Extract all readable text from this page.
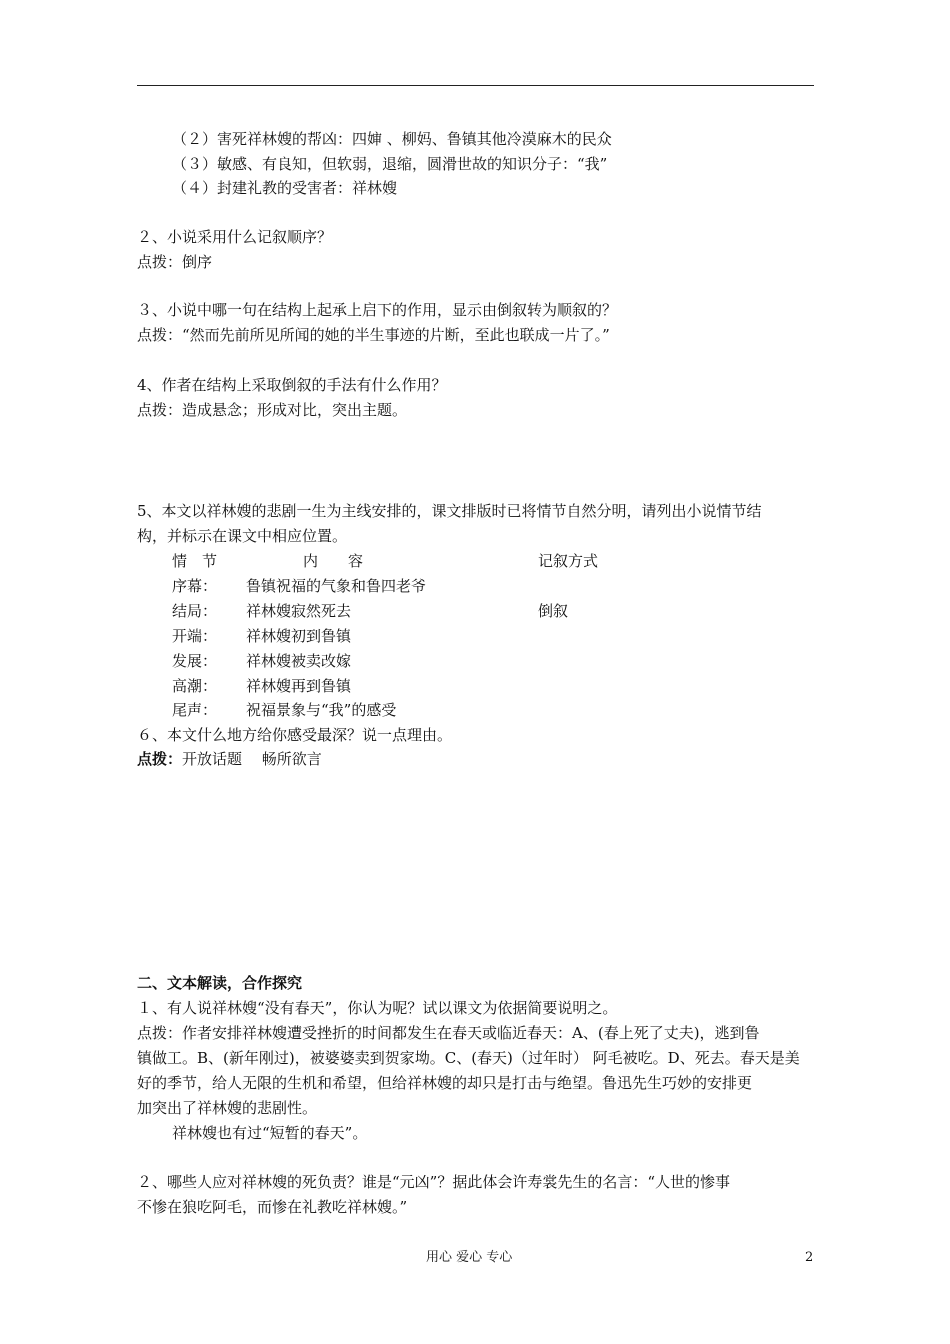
（２）害死祥林嫂的帮凶：四婶 、柳妈、鲁镇其他冷漠麻木的民众
（３）敏感、有良知，但软弱，退缩，圆滑世故的知识分子：“我”
（４）封建礼教的受害者：祥林嫂
２、小说采用什么记叙顺序？
点拨：倒序
３、小说中哪一句在结构上起承上启下的作用，显示由倒叙转为顺叙的？
点拨：“然而先前所见所闻的她的半生事迹的片断，至此也联成一片了。”
4、作者在结构上采取倒叙的手法有什么作用？
点拨：造成悬念；形成对比，突出主题。
5、本文以祥林嫂的悲剧一生为主线安排的，课文排版时已将情节自然分明，请列出小说情节结
构，并标示在课文中相应位置。
情　节	内　　容	记叙方式
序幕： 鲁镇祝福的气象和鲁四老爷
结局： 祥林嫂寂然死去	倒叙
开端： 祥林嫂初到鲁镇
发展： 祥林嫂被卖改嫁
高潮： 祥林嫂再到鲁镇
尾声： 祝福景象与“我”的感受
６、本文什么地方给你感受最深？说一点理由。
点拨：开放话题　 畅所欲言
二、文本解读，合作探究
１、有人说祥林嫂“没有春天”，你认为呢？试以课文为依据简要说明之。
点拨：作者安排祥林嫂遭受挫折的时间都发生在春天或临近春天：A、(春上死了丈夫)，逃到鲁
镇做工。B、(新年刚过)，被婆婆卖到贺家坳。C、(春天)（过年时） 阿毛被吃。D、死去。春天是美
好的季节，给人无限的生机和希望，但给祥林嫂的却只是打击与绝望。鲁迅先生巧妙的安排更
加突出了祥林嫂的悲剧性。
祥林嫂也有过“短暂的春天”。
２、哪些人应对祥林嫂的死负责？谁是“元凶”？据此体会许寿裳先生的名言：“人世的惨事
不惨在狼吃阿毛，而惨在礼教吃祥林嫂。”
用心 爱心 专心	2
